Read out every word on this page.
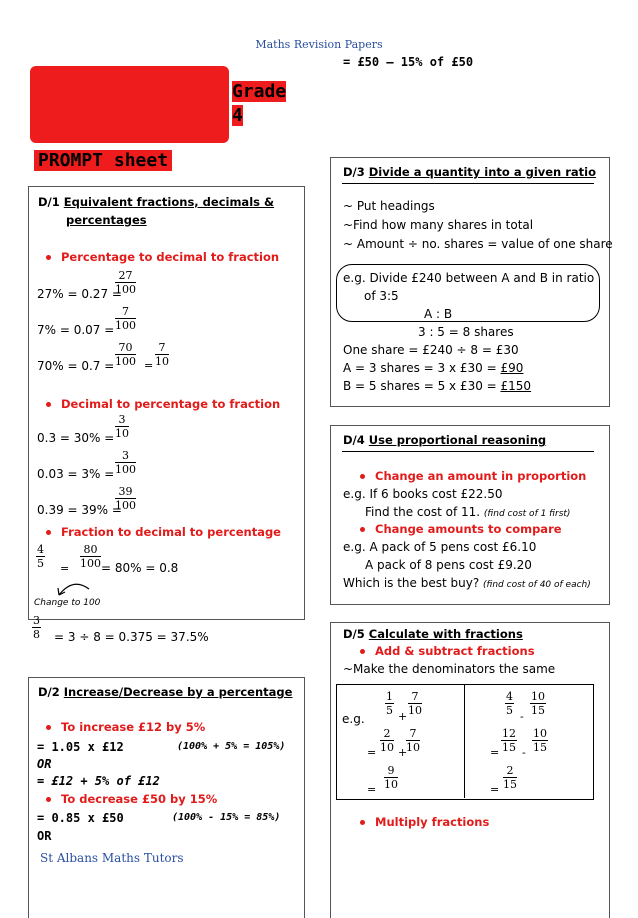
Maths Revision Papers
= £50 – 15% of £50
Grade
4
PROMPT sheet
D/1 Equivalent fractions, decimals &
percentages
Percentage to decimal to fraction
27% = 0.27 =
$\frac{27}{100}$
$7\% = 0.07 = \frac{7}{100}$
$70\% = 0.7 = \frac{70}{100} = \frac{7}{10}$
Decimal to percentage to fraction
$0.3 = 30\% = \frac{3}{10}$
$0.03 = 3\% = \frac{3}{100}$
0.39 = 39% =
$\frac{39}{100}$
Fraction to decimal to percentage
$\frac{4}{5} = \frac{80}{100} = 80\% = 0.8$
Change to 100
$\frac{3}{8} = 3 \div 8 = 0.375 = 37.5\%$
D/2 Increase/Decrease by a percentage
To increase £12 by 5%
= 1.05 x £12	(100% + 5% = 105%)
OR
= £12 + 5% of £12
To decrease £50 by 15%
= 0.85 x £50	(100% - 15% = 85%)
OR
St Albans Maths Tutors
D/3 Divide a quantity into a given ratio
~ Put headings
~Find how many shares in total
~ Amount ÷ no. shares = value of one share
e.g. Divide £240 between A and B in ratio
of 3:5
A : B
3 : 5 = 8 shares
One share = £240 ÷ 8 = £30
A = 3 shares = 3 x £30 = £90
B = 5 shares = 5 x £30 = £150
D/4 Use proportional reasoning
Change an amount in proportion
e.g. If 6 books cost £22.50
Find the cost of 11. (find cost of 1 first)
Change amounts to compare
e.g. A pack of 5 pens cost £6.10
A pack of 8 pens cost £9.20
Which is the best buy? (find cost of 40 of each)
D/5 Calculate with fractions
Add & subtract fractions
~Make the denominators the same
e.g.
$\frac{1}{5} + \frac{7}{10}$
= $\frac{2}{10}$ +
$\frac{7}{10}$
= $\frac{9}{10}$
$\frac{4}{5} - \frac{10}{15}$
= $\frac{12}{15} - \frac{10}{15}$
= $\frac{2}{15}$
Multiply fractions
